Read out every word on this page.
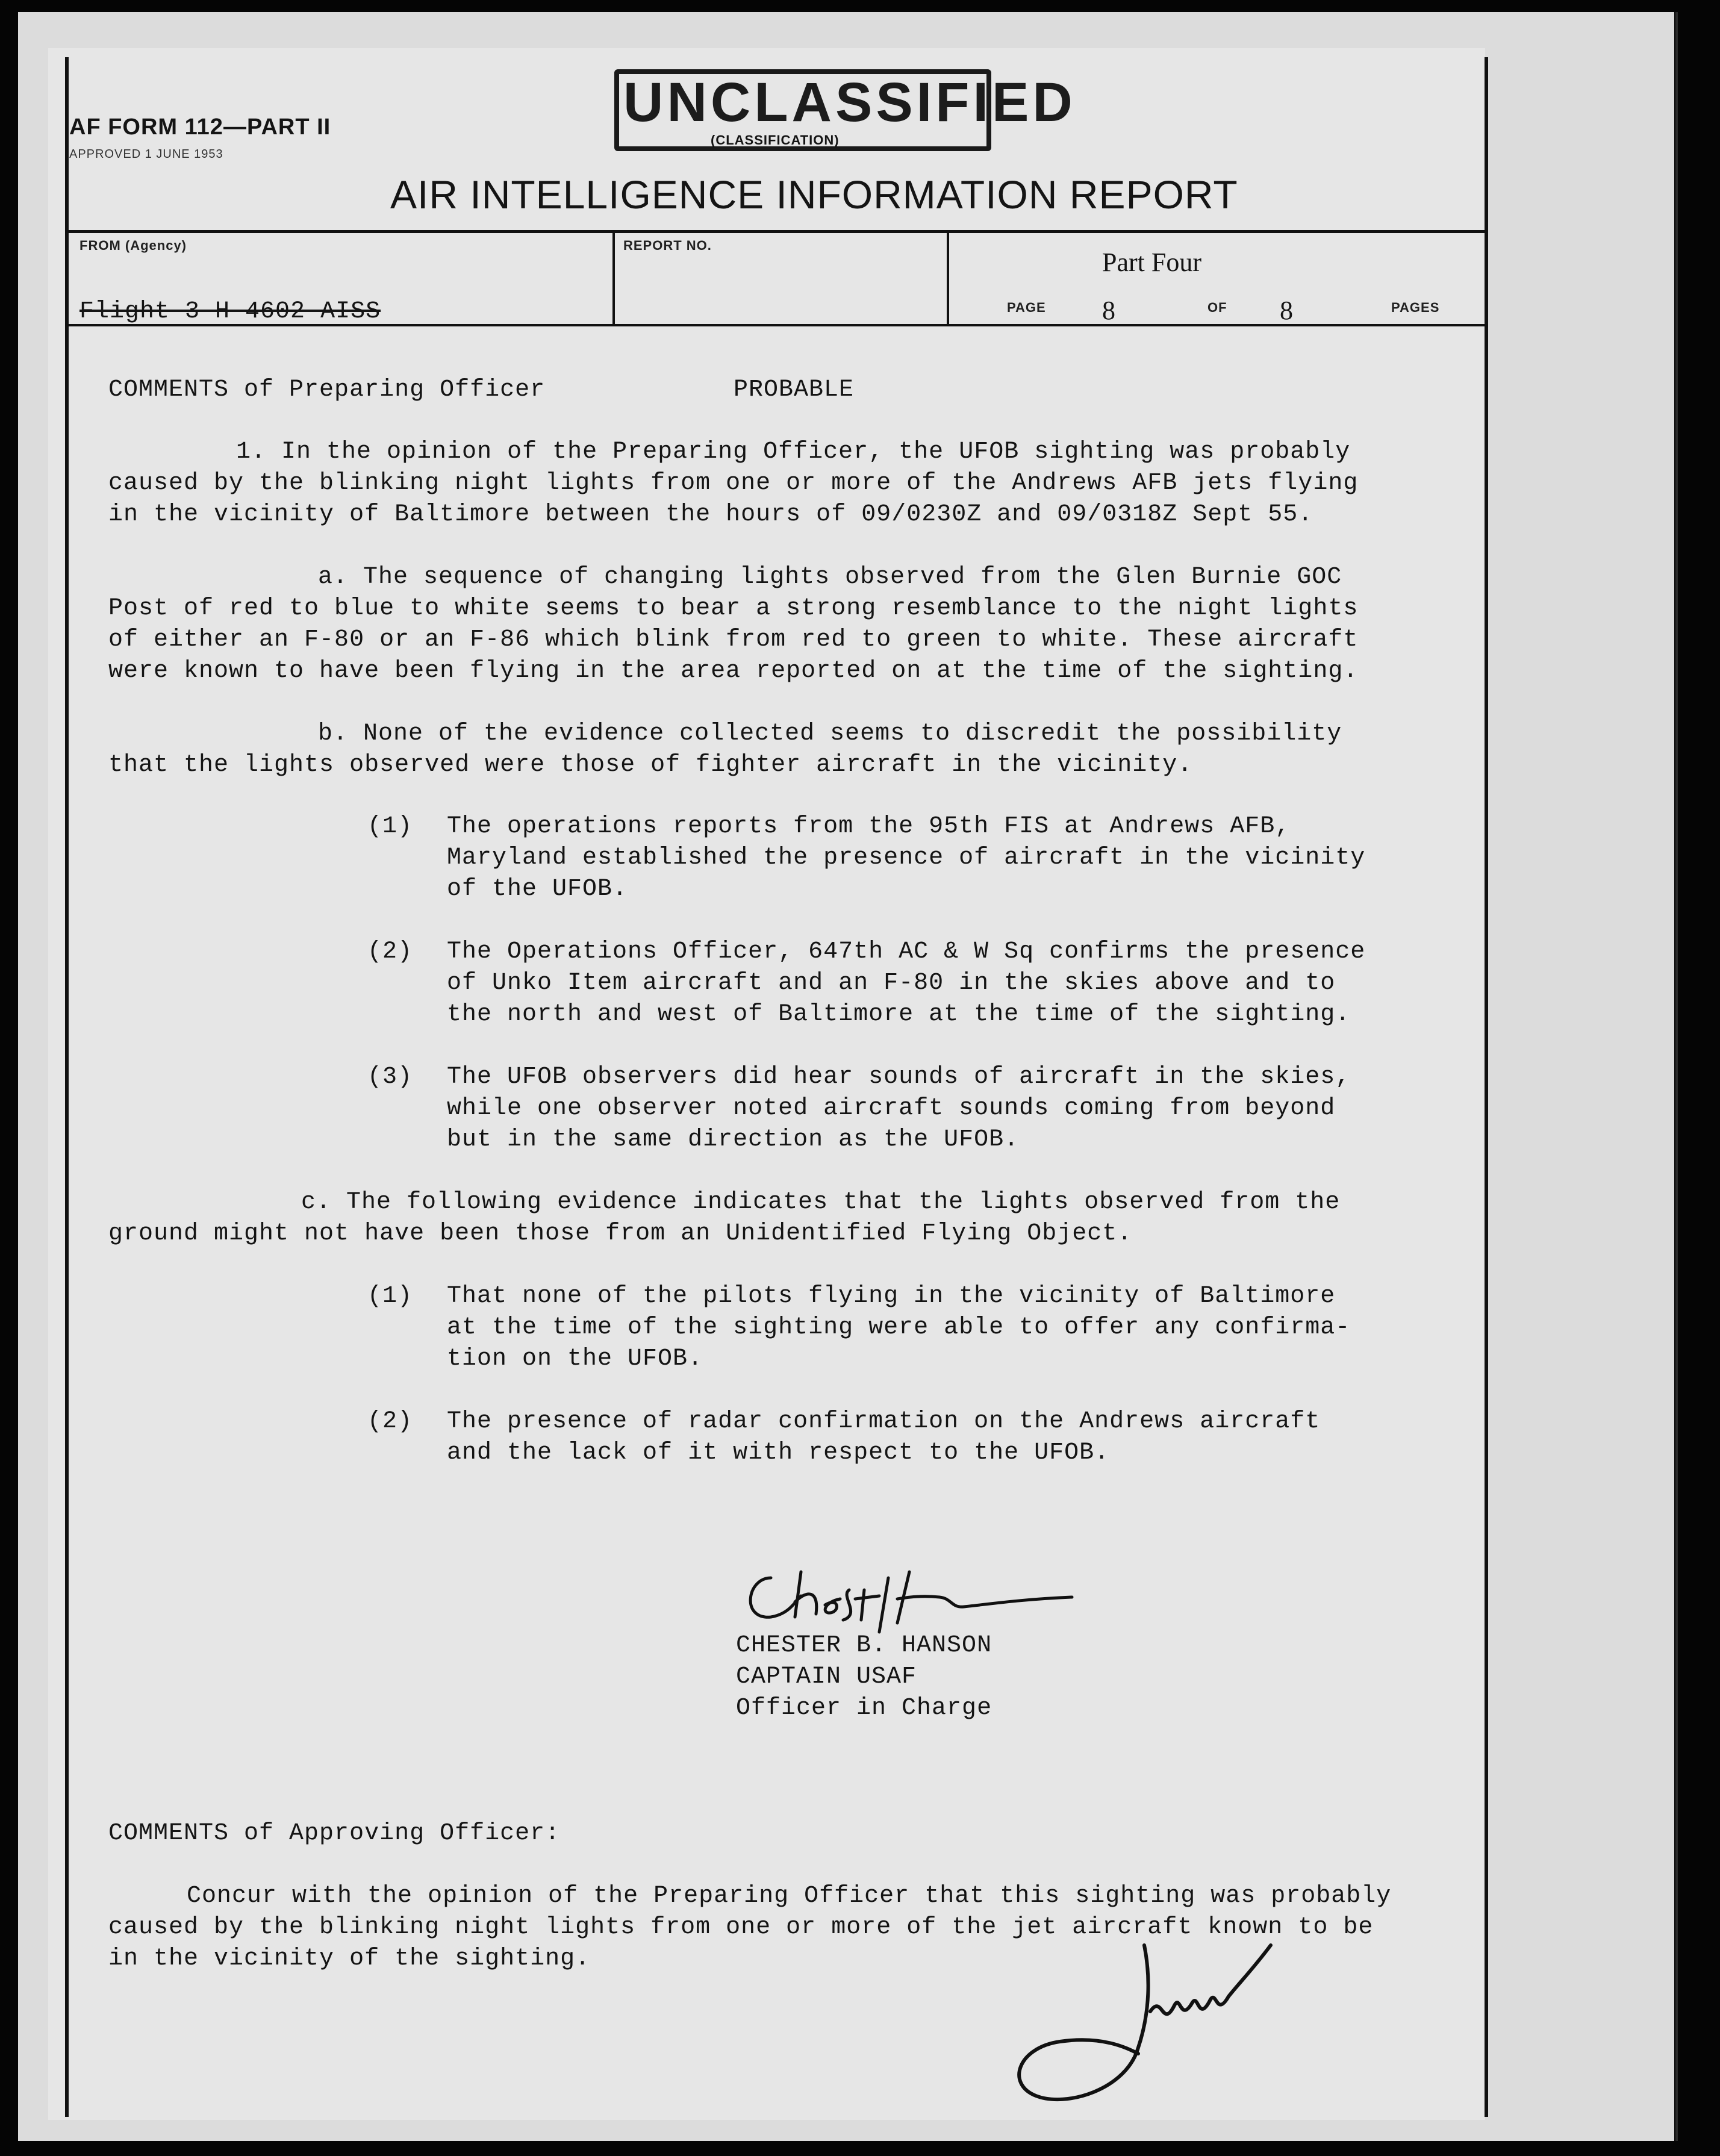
AF FORM 112—PART II
APPROVED 1 JUNE 1953
UNCLASSIFIED
(CLASSIFICATION)
AIR INTELLIGENCE INFORMATION REPORT
FROM (Agency)
Flight 3-H 4602 AISS
REPORT NO.
Part Four
PAGE 8	OF 8	PAGES
COMMENTS of Preparing Officer	PROBABLE
1. In the opinion of the Preparing Officer, the UFOB sighting was probably
caused by the blinking night lights from one or more of the Andrews AFB jets flying
in the vicinity of Baltimore between the hours of 09/0230Z and 09/0318Z Sept 55.
a. The sequence of changing lights observed from the Glen Burnie GOC
Post of red to blue to white seems to bear a strong resemblance to the night lights
of either an F-80 or an F-86 which blink from red to green to white. These aircraft
were known to have been flying in the area reported on at the time of the sighting.
b. None of the evidence collected seems to discredit the possibility
that the lights observed were those of fighter aircraft in the vicinity.
(1) The operations reports from the 95th FIS at Andrews AFB,
Maryland established the presence of aircraft in the vicinity
of the UFOB.
(2) The Operations Officer, 647th AC & W Sq confirms the presence
of Unko Item aircraft and an F-80 in the skies above and to
the north and west of Baltimore at the time of the sighting.
(3) The UFOB observers did hear sounds of aircraft in the skies,
while one observer noted aircraft sounds coming from beyond
but in the same direction as the UFOB.
c. The following evidence indicates that the lights observed from the
ground might not have been those from an Unidentified Flying Object.
(1) That none of the pilots flying in the vicinity of Baltimore
at the time of the sighting were able to offer any confirma-
tion on the UFOB.
(2) The presence of radar confirmation on the Andrews aircraft
and the lack of it with respect to the UFOB.
CHESTER B. HANSON
CAPTAIN USAF
Officer in Charge
COMMENTS of Approving Officer:
Concur with the opinion of the Preparing Officer that this sighting was probably
caused by the blinking night lights from one or more of the jet aircraft known to be
in the vicinity of the sighting.
